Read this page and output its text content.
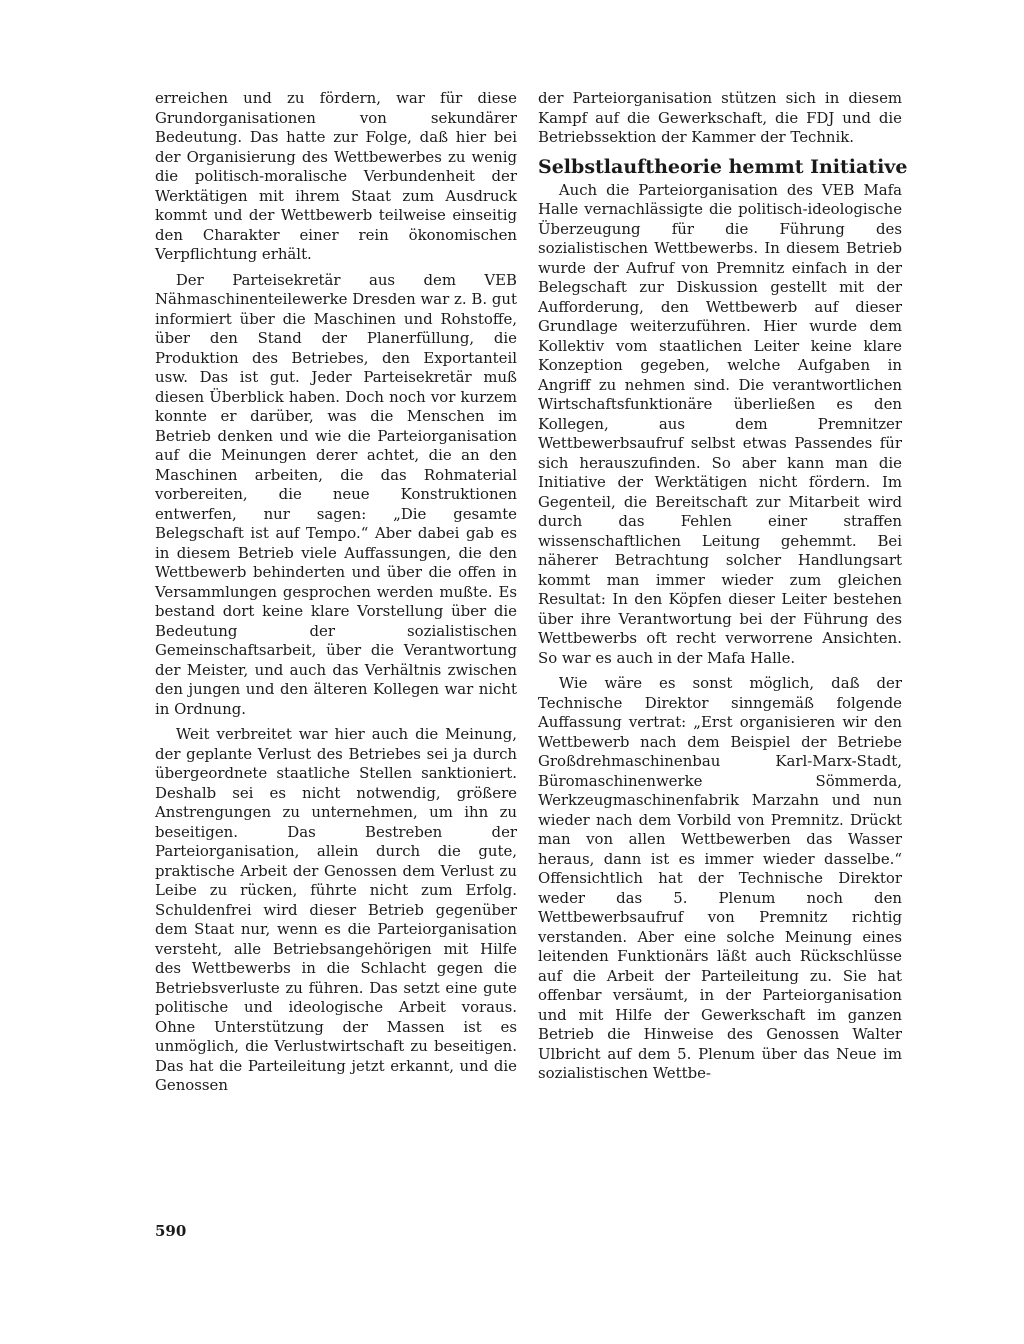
erreichen und zu fördern, war für diese Grundorganisationen von sekundärer Bedeutung. Das hatte zur Folge, daß hier bei der Organisierung des Wettbewerbes zu wenig die politisch-moralische Verbundenheit der Werktätigen mit ihrem Staat zum Ausdruck kommt und der Wettbewerb teilweise einseitig den Charakter einer rein ökonomischen Verpflichtung erhält.

Der Parteisekretär aus dem VEB Nähmaschinenteilewerke Dresden war z. B. gut informiert über die Maschinen und Rohstoffe, über den Stand der Planerfüllung, die Produktion des Betriebes, den Exportanteil usw. Das ist gut. Jeder Parteisekretär muß diesen Überblick haben. Doch noch vor kurzem konnte er darüber, was die Menschen im Betrieb denken und wie die Parteiorganisation auf die Meinungen derer achtet, die an den Maschinen arbeiten, die das Rohmaterial vorbereiten, die neue Konstruktionen entwerfen, nur sagen: „Die gesamte Belegschaft ist auf Tempo.“ Aber dabei gab es in diesem Betrieb viele Auffassungen, die den Wettbewerb behinderten und über die offen in Versammlungen gesprochen werden mußte. Es bestand dort keine klare Vorstellung über die Bedeutung der sozialistischen Gemeinschaftsarbeit, über die Verantwortung der Meister, und auch das Verhältnis zwischen den jungen und den älteren Kollegen war nicht in Ordnung.

Weit verbreitet war hier auch die Meinung, der geplante Verlust des Betriebes sei ja durch übergeordnete staatliche Stellen sanktioniert. Deshalb sei es nicht notwendig, größere Anstrengungen zu unternehmen, um ihn zu beseitigen. Das Bestreben der Parteiorganisation, allein durch die gute, praktische Arbeit der Genossen dem Verlust zu Leibe zu rücken, führte nicht zum Erfolg. Schuldenfrei wird dieser Betrieb gegenüber dem Staat nur, wenn es die Parteiorganisation versteht, alle Betriebsangehörigen mit Hilfe des Wettbewerbs in die Schlacht gegen die Betriebsverluste zu führen. Das setzt eine gute politische und ideologische Arbeit voraus. Ohne Unterstützung der Massen ist es unmöglich, die Verlustwirtschaft zu beseitigen. Das hat die Parteileitung jetzt erkannt, und die Genossen

der Parteiorganisation stützen sich in diesem Kampf auf die Gewerkschaft, die FDJ und die Betriebssektion der Kammer der Technik.

Selbstlauftheorie hemmt Initiative

Auch die Parteiorganisation des VEB Mafa Halle vernachlässigte die politisch-ideologische Überzeugung für die Führung des sozialistischen Wettbewerbs. In diesem Betrieb wurde der Aufruf von Premnitz einfach in der Belegschaft zur Diskussion gestellt mit der Aufforderung, den Wettbewerb auf dieser Grundlage weiterzuführen. Hier wurde dem Kollektiv vom staatlichen Leiter keine klare Konzeption gegeben, welche Aufgaben in Angriff zu nehmen sind. Die verantwortlichen Wirtschaftsfunktionäre überließen es den Kollegen, aus dem Premnitzer Wettbewerbsaufruf selbst etwas Passendes für sich herauszufinden. So aber kann man die Initiative der Werktätigen nicht fördern. Im Gegenteil, die Bereitschaft zur Mitarbeit wird durch das Fehlen einer straffen wissenschaftlichen Leitung gehemmt. Bei näherer Betrachtung solcher Handlungsart kommt man immer wieder zum gleichen Resultat: In den Köpfen dieser Leiter bestehen über ihre Verantwortung bei der Führung des Wettbewerbs oft recht verworrene Ansichten. So war es auch in der Mafa Halle.

Wie wäre es sonst möglich, daß der Technische Direktor sinngemäß folgende Auffassung vertrat: „Erst organisieren wir den Wettbewerb nach dem Beispiel der Betriebe Großdrehmaschinenbau Karl-Marx-Stadt, Büromaschinenwerke Sömmerda, Werkzeugmaschinenfabrik Marzahn und nun wieder nach dem Vorbild von Premnitz. Drückt man von allen Wettbewerben das Wasser heraus, dann ist es immer wieder dasselbe.“ Offensichtlich hat der Technische Direktor weder das 5. Plenum noch den Wettbewerbsaufruf von Premnitz richtig verstanden. Aber eine solche Meinung eines leitenden Funktionärs läßt auch Rückschlüsse auf die Arbeit der Parteileitung zu. Sie hat offenbar versäumt, in der Parteiorganisation und mit Hilfe der Gewerkschaft im ganzen Betrieb die Hinweise des Genossen Walter Ulbricht auf dem 5. Plenum über das Neue im sozialistischen Wettbe-

590
